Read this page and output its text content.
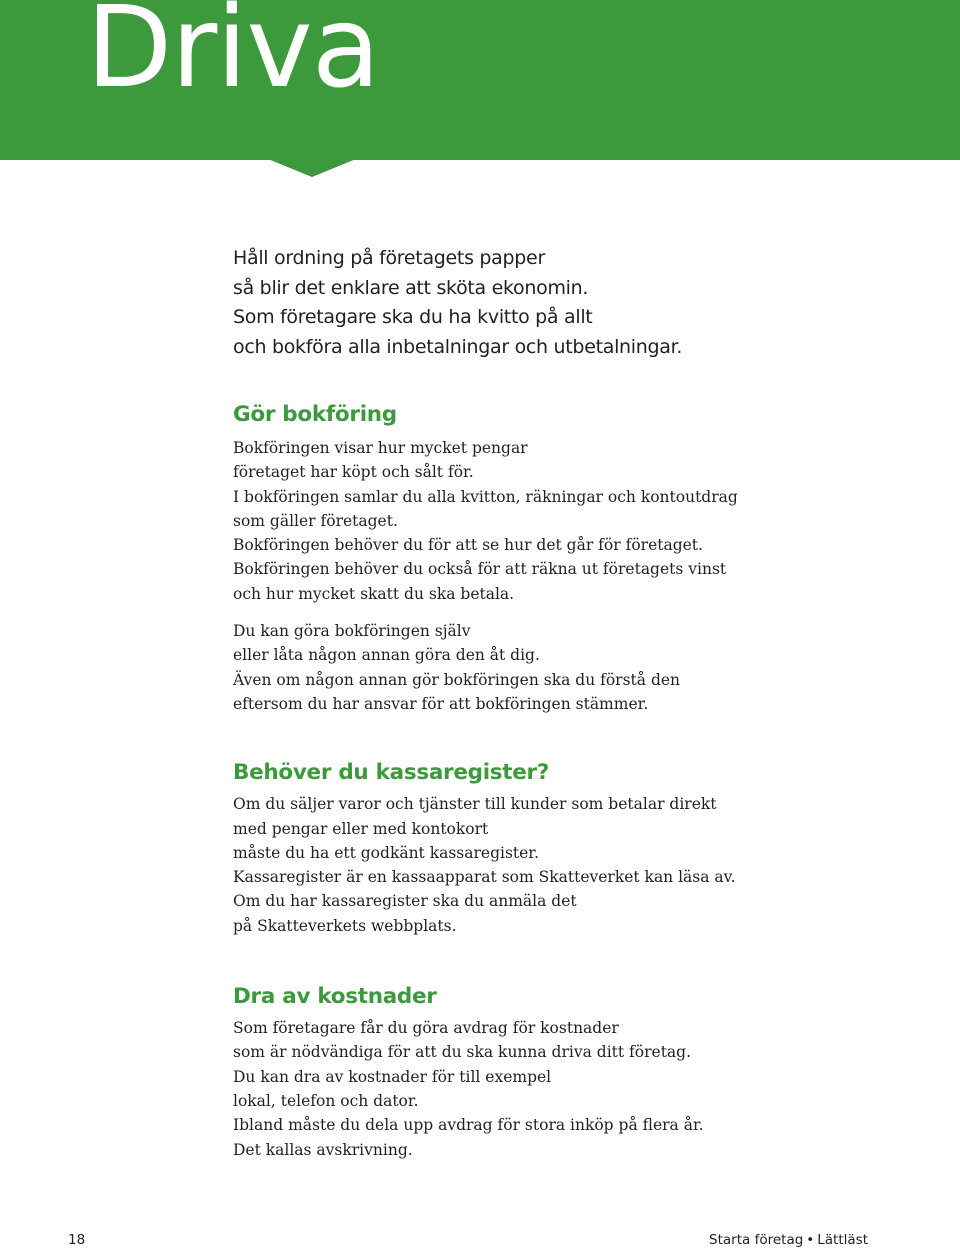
Driva

Håll ordning på företagets papper

så blir det enklare att sköta ekonomin.

Som företagare ska du ha kvitto på allt

och bokföra alla inbetalningar och utbetalningar.

Gör bokföring

Bokföringen visar hur mycket pengar

företaget har köpt och sålt för.

I bokföringen samlar du alla kvitton, räkningar och kontoutdrag

som gäller företaget.

Bokföringen behöver du för att se hur det går för företaget.

Bokföringen behöver du också för att räkna ut företagets vinst

och hur mycket skatt du ska betala.

Du kan göra bokföringen själv

eller låta någon annan göra den åt dig.

Även om någon annan gör bokföringen ska du förstå den

eftersom du har ansvar för att bokföringen stämmer.

Behöver du kassaregister?

Om du säljer varor och tjänster till kunder som betalar direkt

med pengar eller med kontokort

måste du ha ett godkänt kassaregister.

Kassaregister är en kassaapparat som Skatteverket kan läsa av.

Om du har kassaregister ska du anmäla det

på Skatteverkets webbplats.

Dra av kostnader

Som företagare får du göra avdrag för kostnader

som är nödvändiga för att du ska kunna driva ditt företag.

Du kan dra av kostnader för till exempel

lokal, telefon och dator.

Ibland måste du dela upp avdrag för stora inköp på flera år.

Det kallas avskrivning.

18	Starta företag • Lättläst
